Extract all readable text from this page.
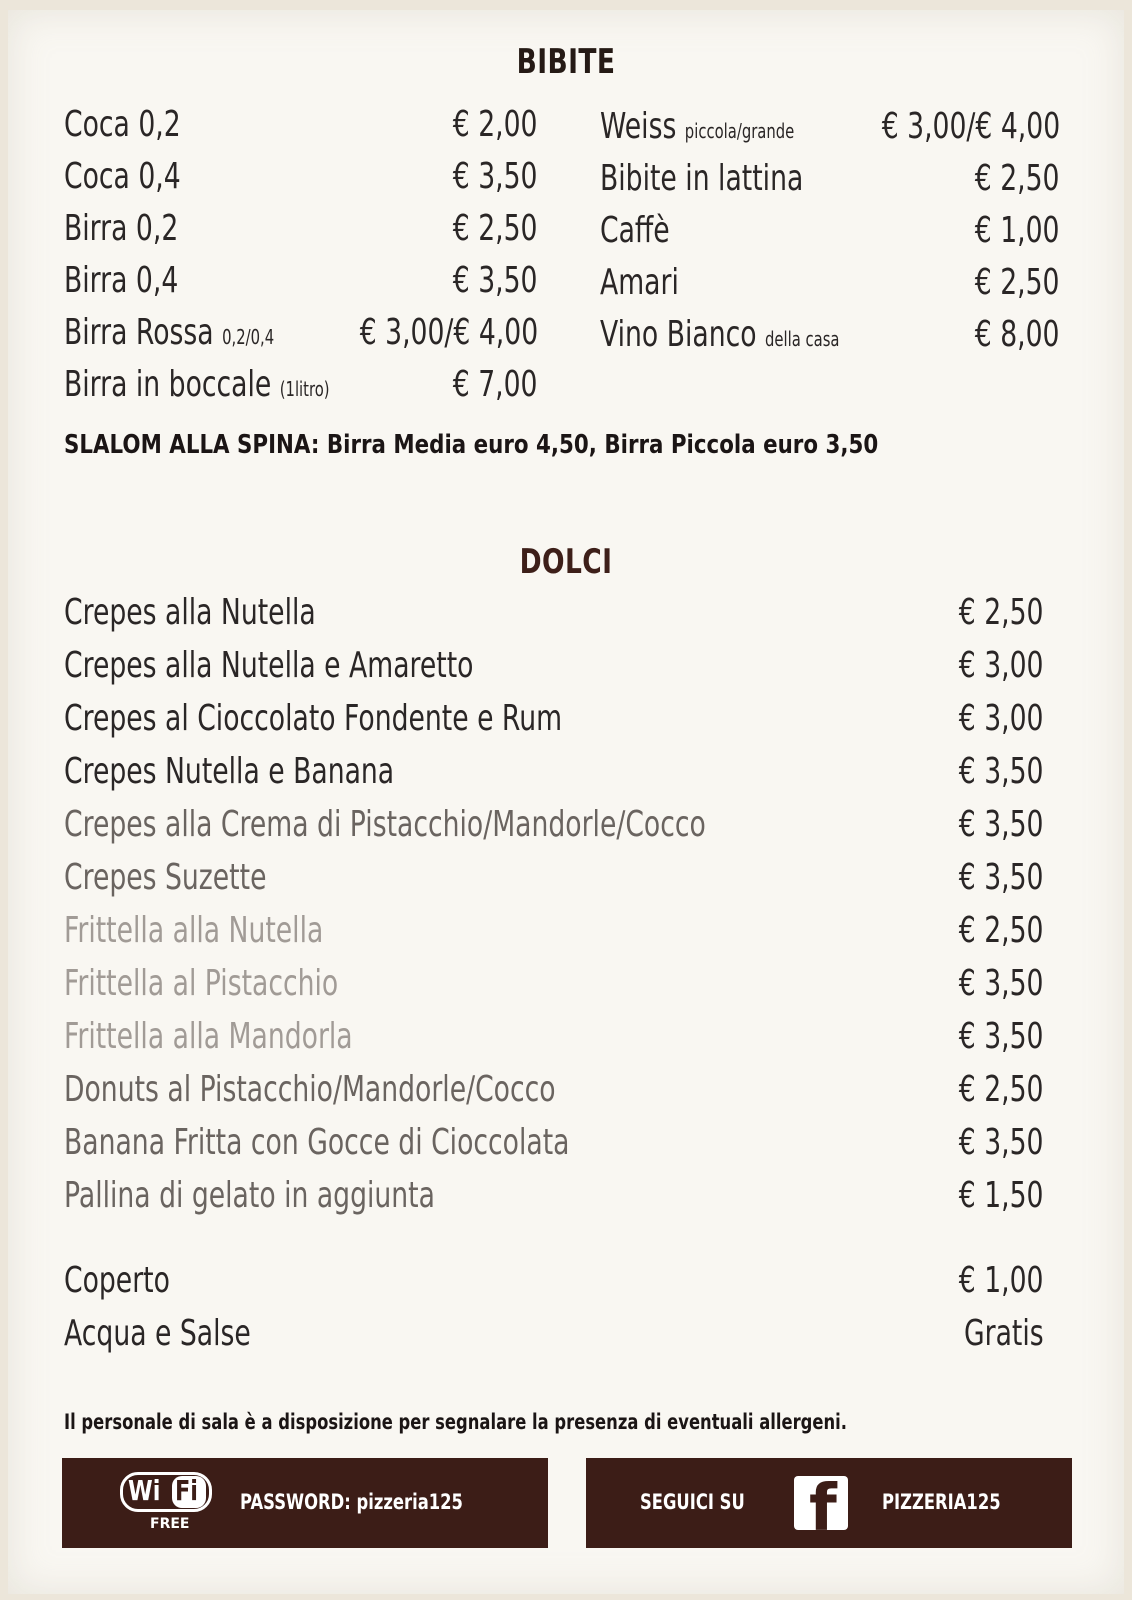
BIBITE
Coca 0,2	€ 2,00
Coca 0,4	€ 3,50
Birra 0,2	€ 2,50
Birra 0,4	€ 3,50
Birra Rossa 0,2/0,4 € 3,00/€ 4,00
Birra in boccale (1litro)	€ 7,00
Weiss piccola/grande € 3,00/€ 4,00
Bibite in lattina	€ 2,50
Caffè	€ 1,00
Amari	€ 2,50
Vino Bianco della casa	€ 8,00
SLALOM ALLA SPINA: Birra Media euro 4,50, Birra Piccola euro 3,50
DOLCI
Crepes alla Nutella	€ 2,50
Crepes alla Nutella e Amaretto	€ 3,00
Crepes al Cioccolato Fondente e Rum	€ 3,00
Crepes Nutella e Banana	€ 3,50
Crepes alla Crema di Pistacchio/Mandorle/Cocco	€ 3,50
Crepes Suzette	€ 3,50
Frittella alla Nutella	€ 2,50
Frittella al Pistacchio	€ 3,50
Frittella alla Mandorla	€ 3,50
Donuts al Pistacchio/Mandorle/Cocco	€ 2,50
Banana Fritta con Gocce di Cioccolata	€ 3,50
Pallina di gelato in aggiunta	€ 1,50
Coperto	€ 1,00
Acqua e Salse	Gratis
Il personale di sala è a disposizione per segnalare la presenza di eventuali allergeni.
Wi Fi
FREE
PASSWORD: pizzeria125	SEGUICI SU f PIZZERIA125
